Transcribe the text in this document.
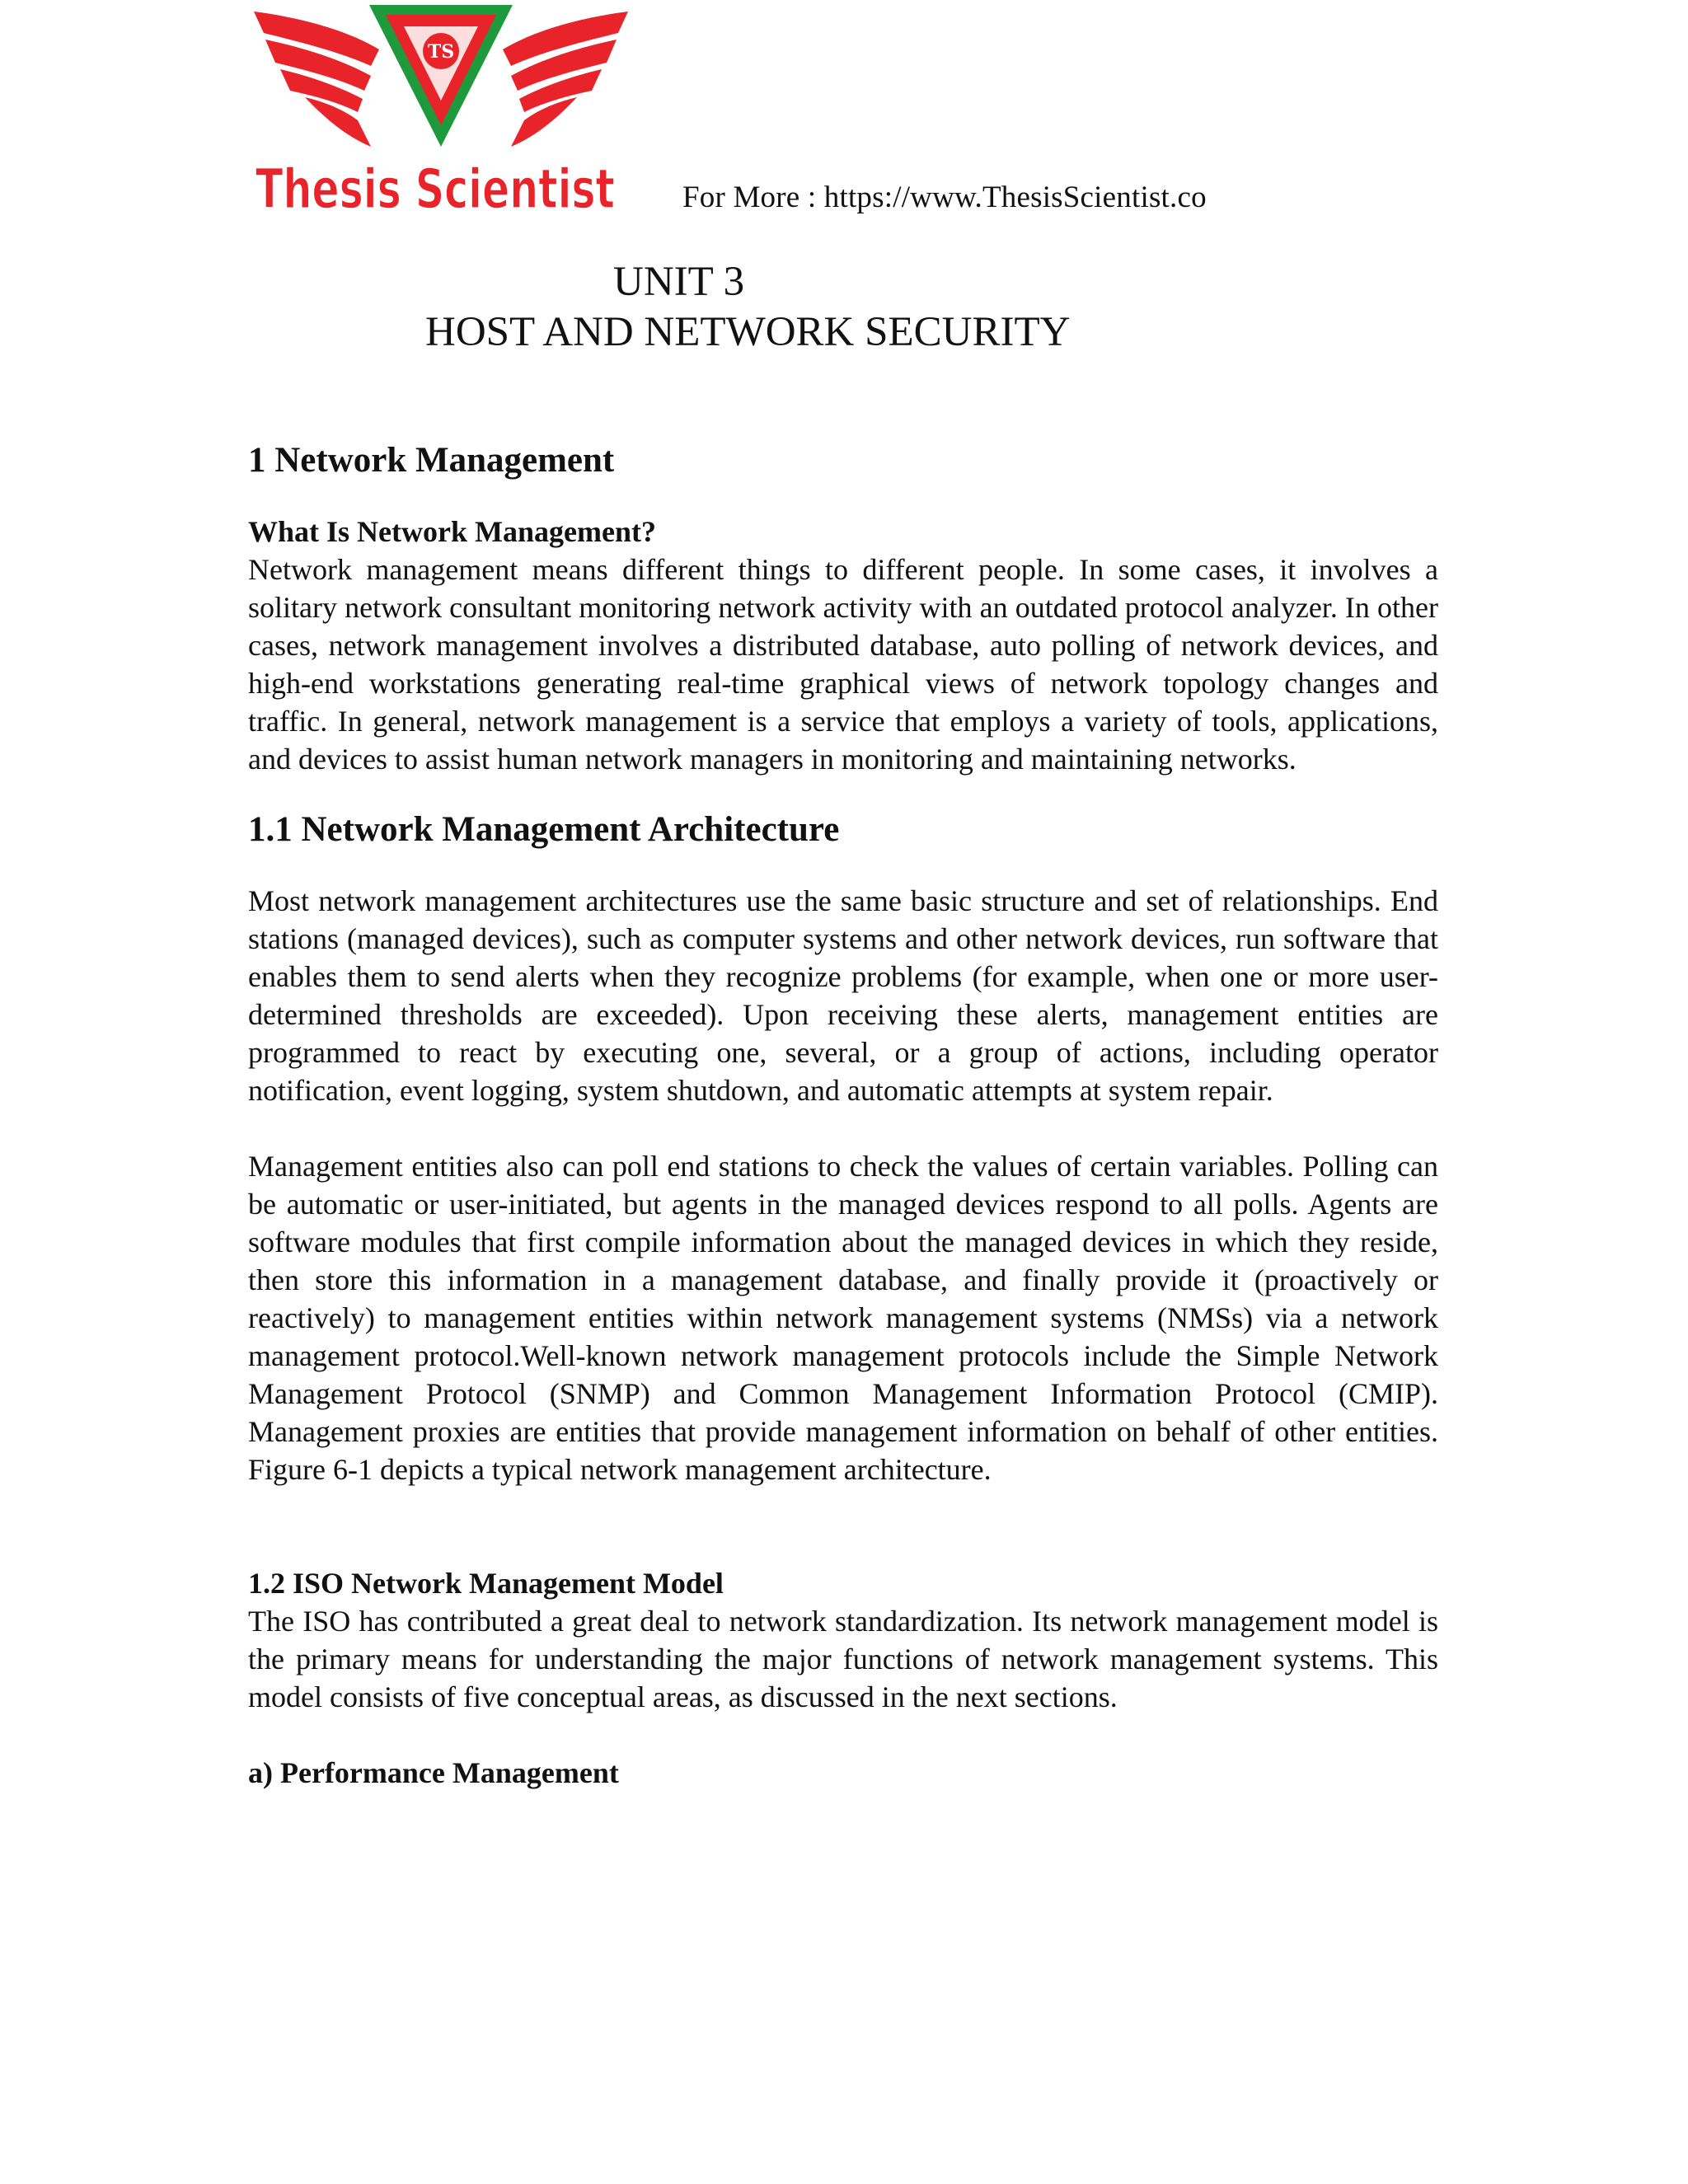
TS
Thesis Scientist For More : https://www.ThesisScientist.co
UNIT 3
HOST AND NETWORK SECURITY
1 Network Management
What Is Network Management?

Network management means different things to different people. In some cases, it involves a solitary network consultant monitoring network activity with an outdated protocol analyzer. In other cases, network management involves a distributed database, auto polling of network devices, and high-end workstations generating real-time graphical views of network topology changes and traffic. In general, network management is a service that employs a variety of tools, applications, and devices to assist human network managers in monitoring and maintaining networks.

1.1 Network Management Architecture

Most network management architectures use the same basic structure and set of relationships. End stations (managed devices), such as computer systems and other network devices, run software that enables them to send alerts when they recognize problems (for example, when one or more user-determined thresholds are exceeded). Upon receiving these alerts, management entities are programmed to react by executing one, several, or a group of actions, including operator notification, event logging, system shutdown, and automatic attempts at system repair.

Management entities also can poll end stations to check the values of certain variables. Polling can be automatic or user-initiated, but agents in the managed devices respond to all polls. Agents are software modules that first compile information about the managed devices in which they reside, then store this information in a management database, and finally provide it (proactively or reactively) to management entities within network management systems (NMSs) via a network management protocol.Well-known network management protocols include the Simple Network Management Protocol (SNMP) and Common Management Information Protocol (CMIP). Management proxies are entities that provide management information on behalf of other entities. Figure 6-1 depicts a typical network management architecture.

1.2 ISO Network Management Model

The ISO has contributed a great deal to network standardization. Its network management model is the primary means for understanding the major functions of network management systems. This model consists of five conceptual areas, as discussed in the next sections.

a) Performance Management
